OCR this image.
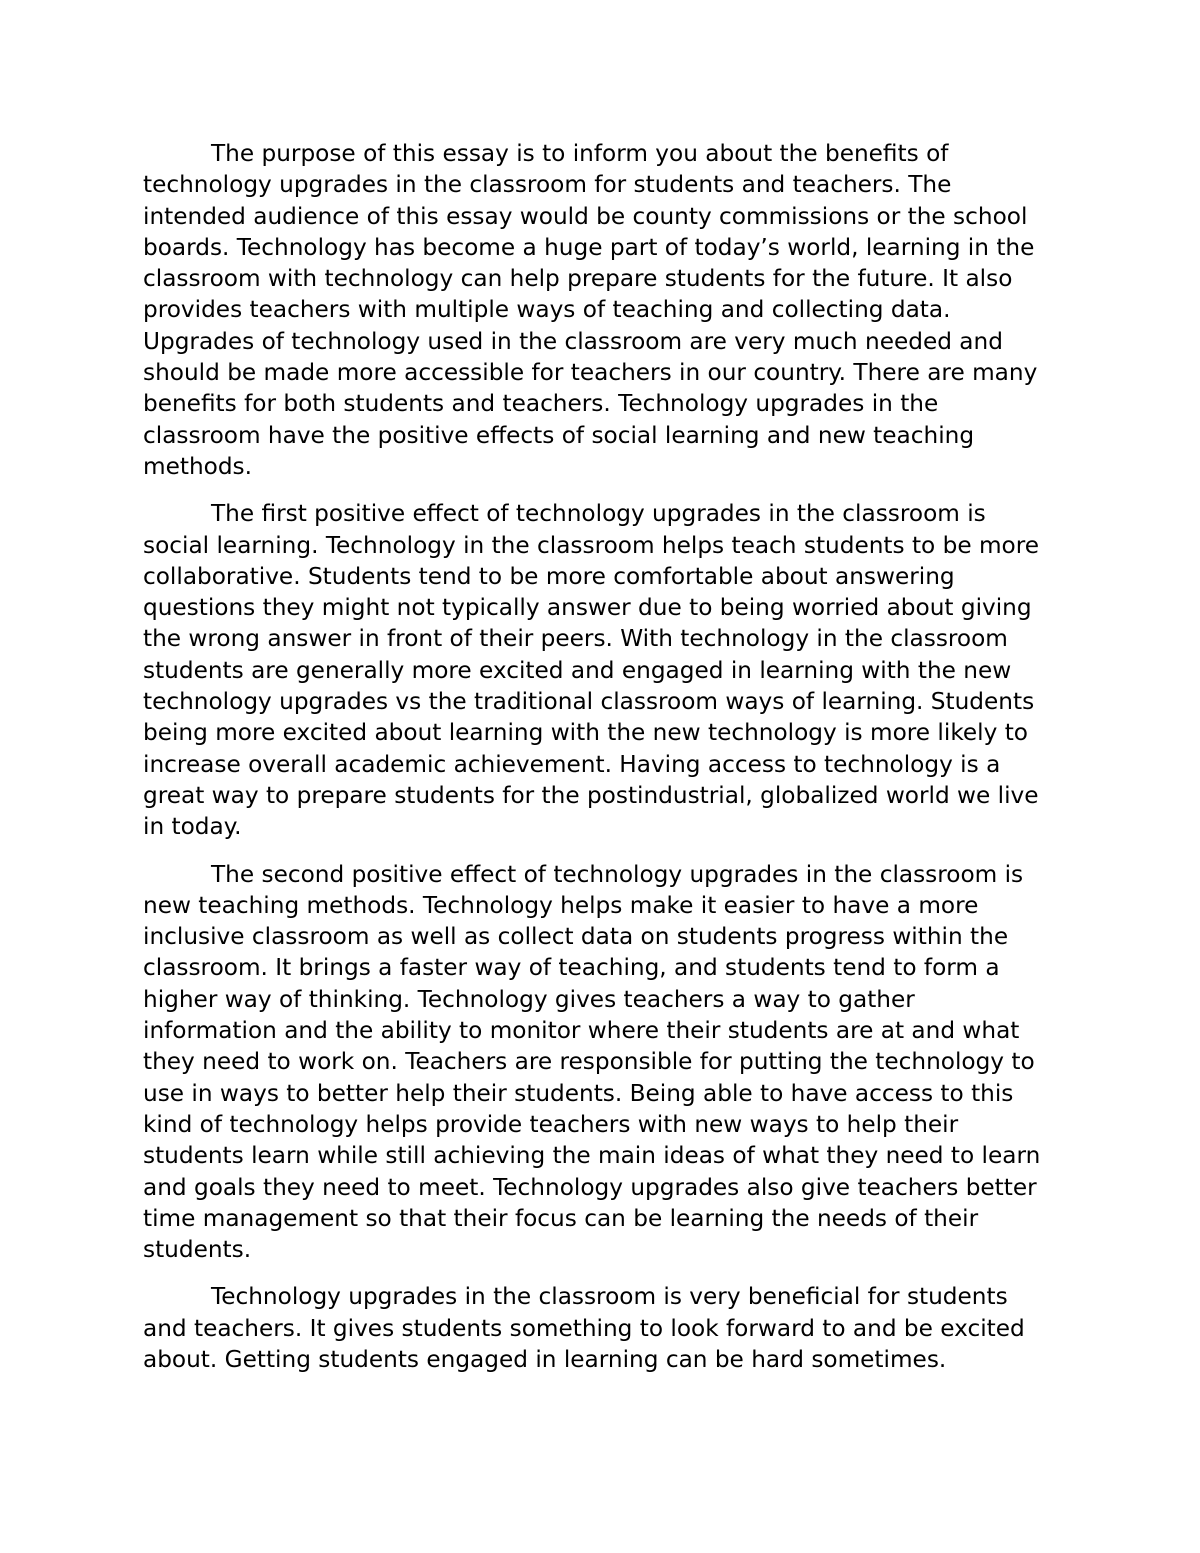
The purpose of this essay is to inform you about the benefits of
technology upgrades in the classroom for students and teachers. The
intended audience of this essay would be county commissions or the school
boards. Technology has become a huge part of today’s world, learning in the
classroom with technology can help prepare students for the future. It also
provides teachers with multiple ways of teaching and collecting data.
Upgrades of technology used in the classroom are very much needed and
should be made more accessible for teachers in our country. There are many
benefits for both students and teachers. Technology upgrades in the
classroom have the positive effects of social learning and new teaching
methods.

The first positive effect of technology upgrades in the classroom is
social learning. Technology in the classroom helps teach students to be more
collaborative. Students tend to be more comfortable about answering
questions they might not typically answer due to being worried about giving
the wrong answer in front of their peers. With technology in the classroom
students are generally more excited and engaged in learning with the new
technology upgrades vs the traditional classroom ways of learning. Students
being more excited about learning with the new technology is more likely to
increase overall academic achievement. Having access to technology is a
great way to prepare students for the postindustrial, globalized world we live
in today.

The second positive effect of technology upgrades in the classroom is
new teaching methods. Technology helps make it easier to have a more
inclusive classroom as well as collect data on students progress within the
classroom. It brings a faster way of teaching, and students tend to form a
higher way of thinking. Technology gives teachers a way to gather
information and the ability to monitor where their students are at and what
they need to work on. Teachers are responsible for putting the technology to
use in ways to better help their students. Being able to have access to this
kind of technology helps provide teachers with new ways to help their
students learn while still achieving the main ideas of what they need to learn
and goals they need to meet. Technology upgrades also give teachers better
time management so that their focus can be learning the needs of their
students.

Technology upgrades in the classroom is very beneficial for students
and teachers. It gives students something to look forward to and be excited
about. Getting students engaged in learning can be hard sometimes.
